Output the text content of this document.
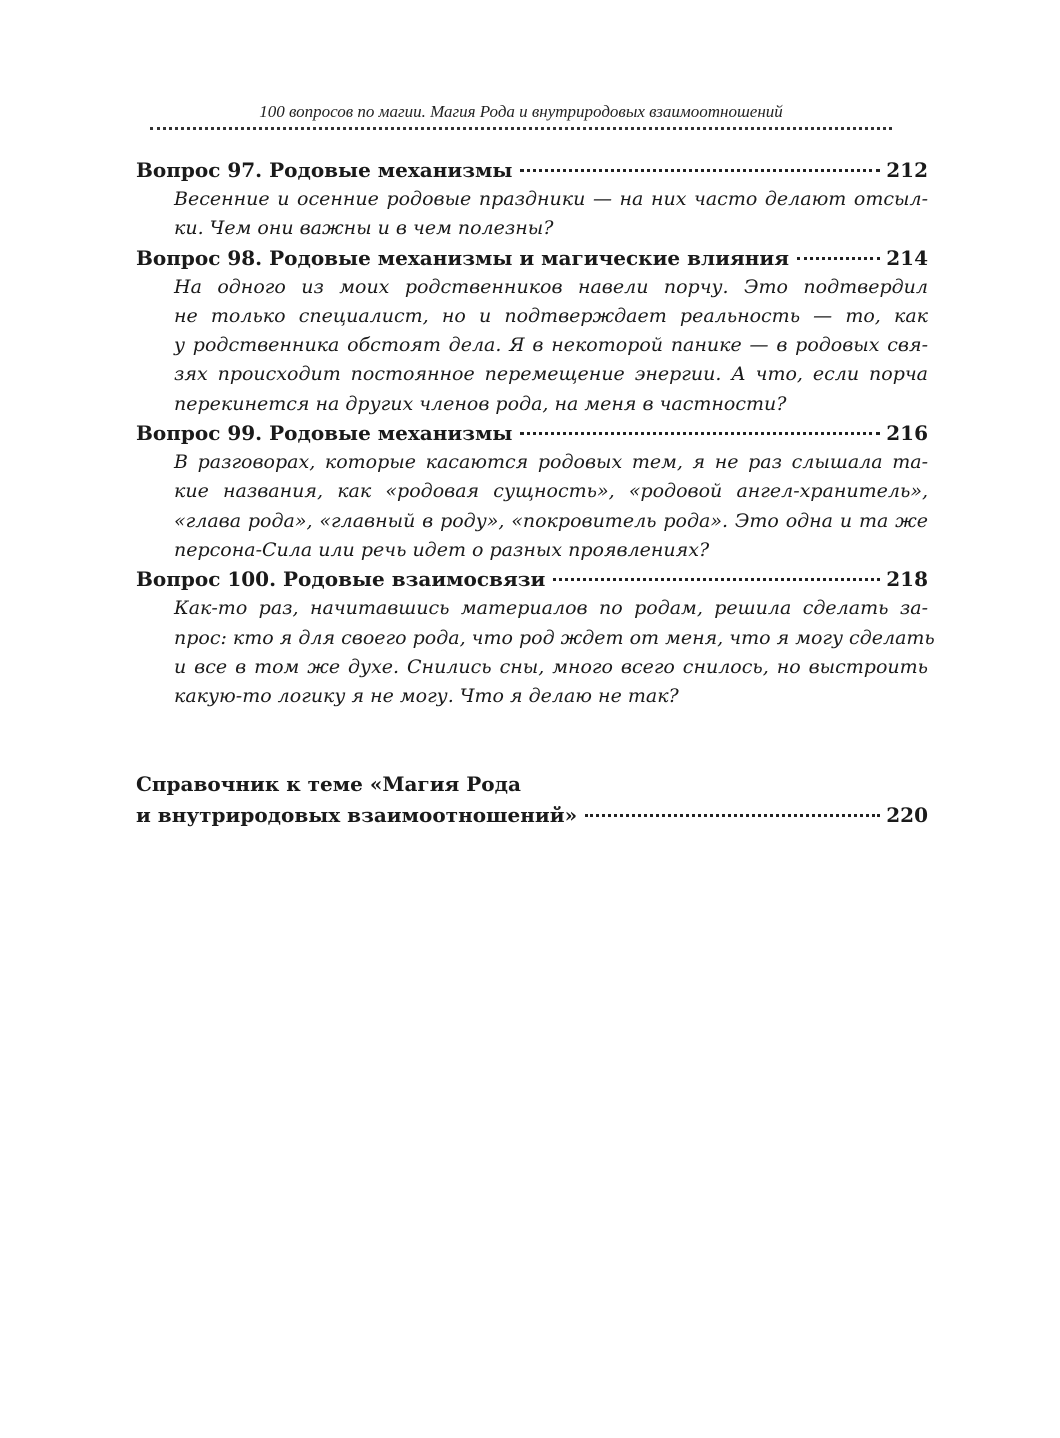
100 вопросов по магии. Магия Рода и внутриродовых взаимоотношений
Вопрос 97. Родовые механизмы	212
Весенние и осенние родовые праздники — на них часто делают отсыл-
ки. Чем они важны и в чем полезны?
Вопрос 98. Родовые механизмы и магические влияния	214
На одного из моих родственников навели порчу. Это подтвердил
не только специалист, но и подтверждает реальность — то, как
у родственника обстоят дела. Я в некоторой панике — в родовых свя-
зях происходит постоянное перемещение энергии. А что, если порча
перекинется на других членов рода, на меня в частности?
Вопрос 99. Родовые механизмы	216
В разговорах, которые касаются родовых тем, я не раз слышала та-
кие названия, как «родовая сущность», «родовой ангел-хранитель»,
«глава рода», «главный в роду», «покровитель рода». Это одна и та же
персона-Сила или речь идет о разных проявлениях?
Вопрос 100. Родовые взаимосвязи	218
Как-то раз, начитавшись материалов по родам, решила сделать за-
прос: кто я для своего рода, что род ждет от меня, что я могу сделать
и все в том же духе. Снились сны, много всего снилось, но выстроить
какую-то логику я не могу. Что я делаю не так?
Справочник к теме «Магия Рода
и внутриродовых взаимоотношений»	220
